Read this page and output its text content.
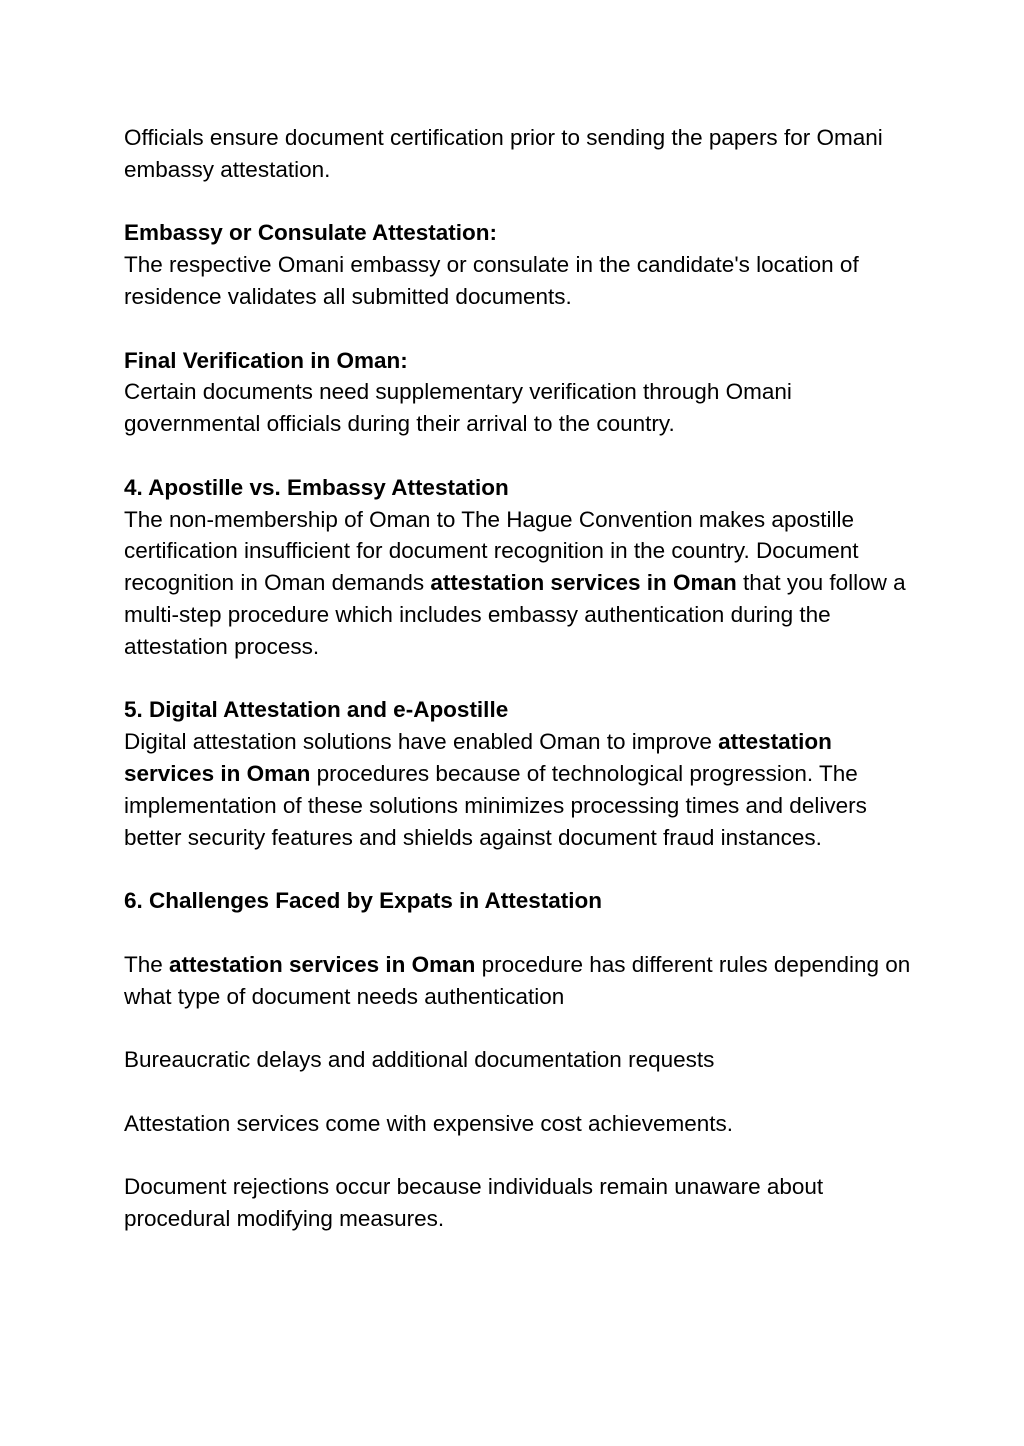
Officials ensure document certification prior to sending the papers for Omani embassy attestation.

Embassy or Consulate Attestation:
The respective Omani embassy or consulate in the candidate's location of residence validates all submitted documents.
Final Verification in Oman:
Certain documents need supplementary verification through Omani governmental officials during their arrival to the country.
4. Apostille vs. Embassy Attestation
The non-membership of Oman to The Hague Convention makes apostille certification insufficient for document recognition in the country. Document recognition in Oman demands attestation services in Oman that you follow a multi-step procedure which includes embassy authentication during the attestation process.
5. Digital Attestation and e-Apostille
Digital attestation solutions have enabled Oman to improve attestation services in Oman procedures because of technological progression. The implementation of these solutions minimizes processing times and delivers better security features and shields against document fraud instances.

6. Challenges Faced by Expats in Attestation

The attestation services in Oman procedure has different rules depending on what type of document needs authentication

Bureaucratic delays and additional documentation requests

Attestation services come with expensive cost achievements.

Document rejections occur because individuals remain unaware about procedural modifying measures.
